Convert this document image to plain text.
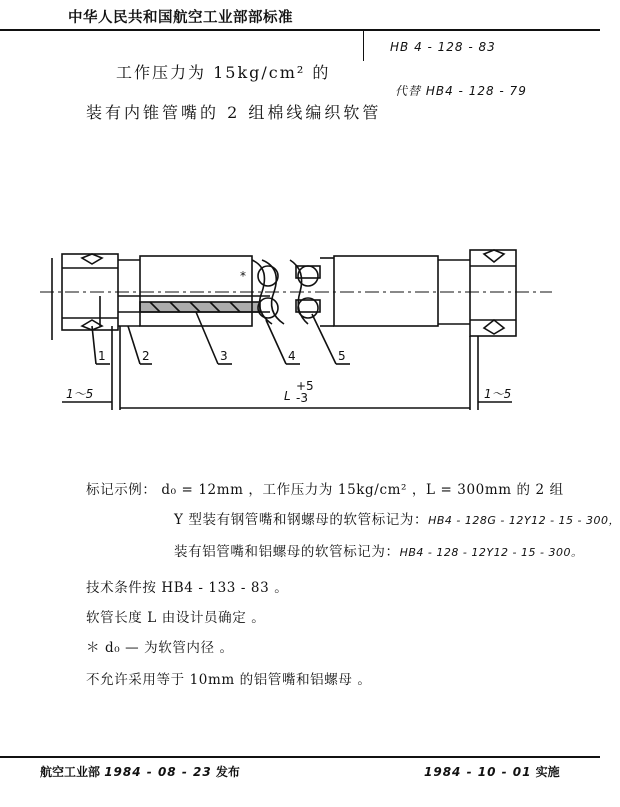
中华人民共和国航空工业部部标准
HB 4 - 128 - 83
工作压力为 15kg/cm² 的
装有内锥管嘴的 2 组棉线编织软管
代替 HB4 - 128 - 79
1	2	3	4	5
*
1～5	1～5
L
+5
-3
标记示例： d₀ = 12mm ，工作压力为 15kg/cm² ，L = 300mm 的 2 组
Y 型装有钢管嘴和钢螺母的软管标记为：HB4 - 128G - 12Y12 - 15 - 300，
装有铝管嘴和铝螺母的软管标记为：HB4 - 128 - 12Y12 - 15 - 300。
技术条件按 HB4 - 133 - 83 。
软管长度 L 由设计员确定 。
＊ d₀ — 为软管内径 。
不允许采用等于 10mm 的铝管嘴和铝螺母 。
航空工业部 1984 - 08 - 23 发布	1984 - 10 - 01 实施
